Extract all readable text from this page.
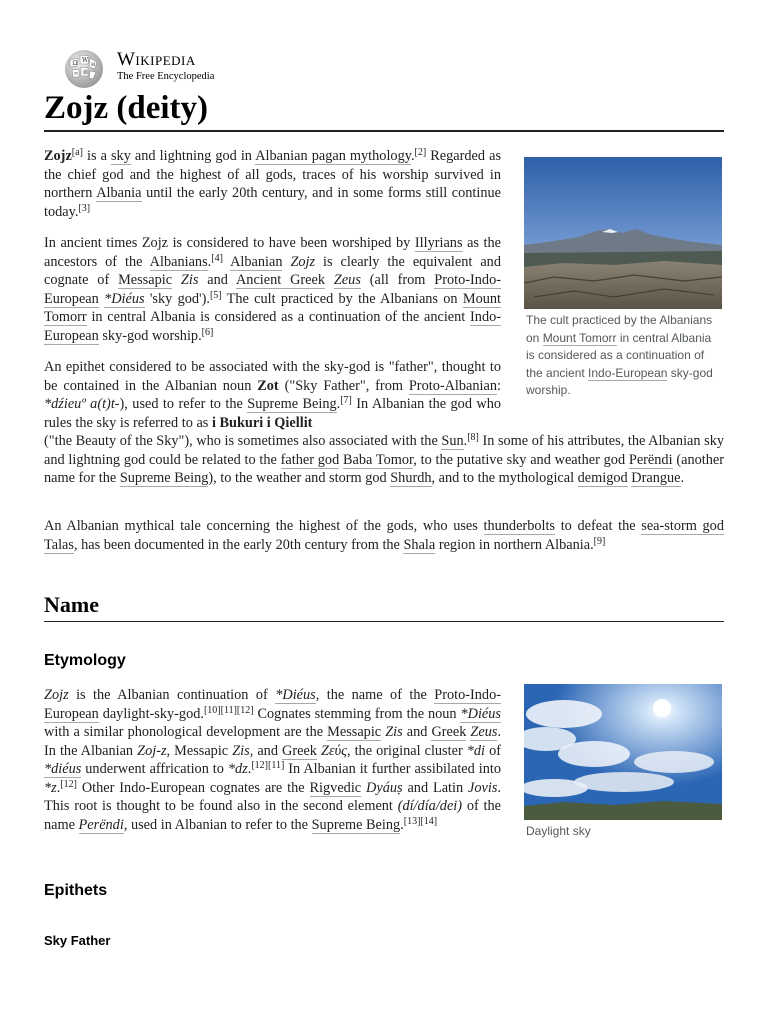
Ω W
И
ত 維
Wikipedia
The Free Encyclopedia
Zojz (deity)

The cult practiced by the Albanians on Mount Tomorr in central Albania is considered as a continuation of the ancient Indo-European sky-god worship.

Zojz[a] is a sky and lightning god in Albanian pagan mythology.[2] Regarded as the chief god and the highest of all gods, traces of his worship survived in northern Albania until the early 20th century, and in some forms still continue today.[3]

In ancient times Zojz is considered to have been worshiped by Illyrians as the ancestors of the Albanians.[4] Albanian Zojz is clearly the equivalent and cognate of Messapic Zis and Ancient Greek Zeus (all from Proto-Indo-European *Diéus 'sky god').[5] The cult practiced by the Albanians on Mount Tomorr in central Albania is considered as a continuation of the ancient Indo-European sky-god worship.[6]

An epithet considered to be associated with the sky-god is "father", thought to be contained in the Albanian noun Zot ("Sky Father", from Proto-Albanian: *dźieuº a(t)t-), used to refer to the Supreme Being.[7] In Albanian the god who rules the sky is referred to as i Bukuri i Qiellit

("the Beauty of the Sky"), who is sometimes also associated with the Sun.[8] In some of his attributes, the Albanian sky and lightning god could be related to the father god Baba Tomor, to the putative sky and weather god Perëndi (another name for the Supreme Being), to the weather and storm god Shurdh, and to the mythological demigod Drangue.

An Albanian mythical tale concerning the highest of the gods, who uses thunderbolts to defeat the sea-storm god Talas, has been documented in the early 20th century from the Shala region in northern Albania.[9]

Name
Etymology

Daylight sky

Zojz is the Albanian continuation of *Diéus, the name of the Proto-Indo-European daylight-sky-god.[10][11][12] Cognates stemming from the noun *Diéus with a similar phonological development are the Messapic Zis and Greek Zeus. In the Albanian Zoj-z, Messapic Zis, and Greek Ζεύς, the original cluster *di of *diéus underwent affrication to *dz.[12][11] In Albanian it further assibilated into *z.[12] Other Indo-European cognates are the Rigvedic Dyáuṣ and Latin Jovis. This root is thought to be found also in the second element (dí/día/dei) of the name Perëndi, used in Albanian to refer to the Supreme Being.[13][14]

Epithets
Sky Father
